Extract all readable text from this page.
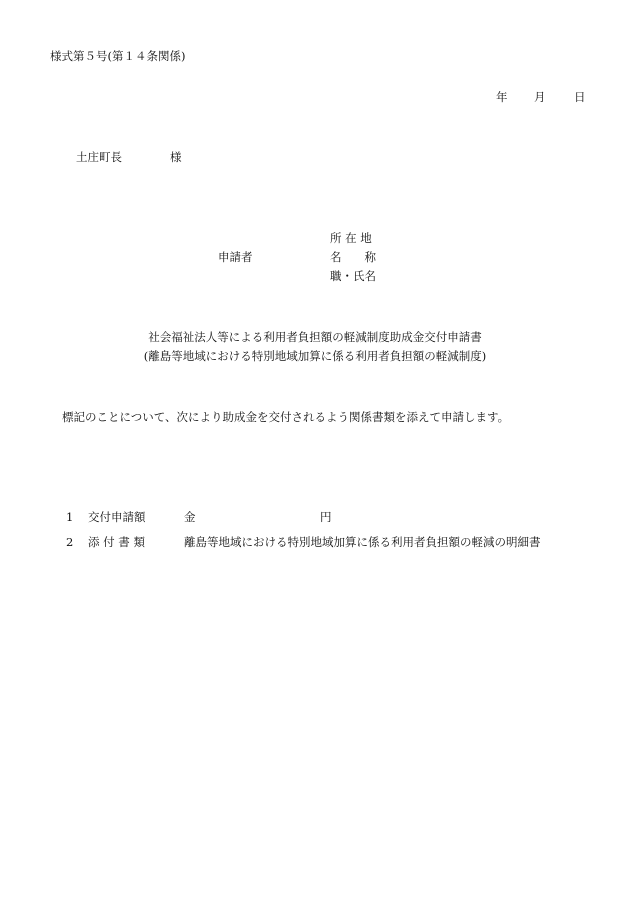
様式第５号(第１４条関係)
年 月 日
土庄町長	様
申請者
所 在 地
名　　称
職・氏名
社会福祉法人等による利用者負担額の軽減制度助成金交付申請書
(離島等地域における特別地域加算に係る利用者負担額の軽減制度)
標記のことについて、次により助成金を交付されるよう関係書類を添えて申請します。
1 交付申請額	金	円
2 添 付 書 類	離島等地域における特別地域加算に係る利用者負担額の軽減の明細書
